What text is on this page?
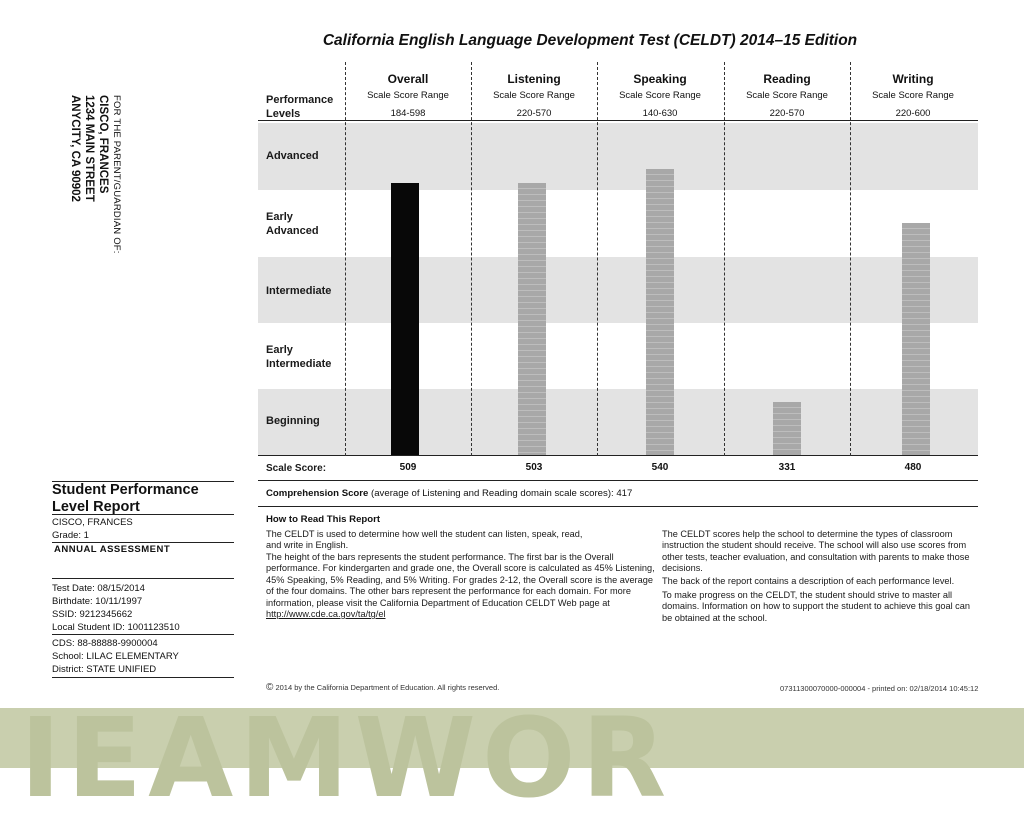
California English Language Development Test (CELDT) 2014–15 Edition
FOR THE PARENT/GUARDIAN OF:
CISCO, FRANCES
1234 MAIN STREET
ANYCITY, CA 90902	Performance
Levels
Advanced
Early Advanced
Intermediate
Early Intermediate
Beginning
Overall
Scale Score Range
184-598
Listening
Scale Score Range
220-570
Speaking
Scale Score Range
140-630
Reading
Scale Score Range
220-570
Writing
Scale Score Range
220-600
Scale Score:	509	503	540	331	480
Comprehension Score (average of Listening and Reading domain scale scores): 417
Student Performance
Level Report
CISCO, FRANCES
Grade: 1
ANNUAL ASSESSMENT
Test Date: 08/15/2014
Birthdate: 10/11/1997
SSID: 9212345662
Local Student ID: 1001123510
CDS: 88-88888-9900004
School: LILAC ELEMENTARY
District: STATE UNIFIED
How to Read This Report
The CELDT is used to determine how well the student can listen, speak, read, and write in English.
The height of the bars represents the student performance. The first bar is the Overall performance. For kindergarten and grade one, the Overall score is calculated as 45% Listening, 45% Speaking, 5% Reading, and 5% Writing. For grades 2-12, the Overall score is the average of the four domains. The other bars represent the performance for each domain. For more information, please visit the California Department of Education CELDT Web page at http://www.cde.ca.gov/ta/tg/el
The CELDT scores help the school to determine the types of classroom instruction the student should receive. The school will also use scores from other tests, teacher evaluation, and consultation with parents to make those decisions.
The back of the report contains a description of each performance level.
To make progress on the CELDT, the student should strive to master all domains. Information on how to support the student to achieve this goal can be obtained at the school.
© 2014 by the California Department of Education. All rights reserved.	07311300070000-000004 - printed on: 02/18/2014 10:45:12
IEAMWOR
